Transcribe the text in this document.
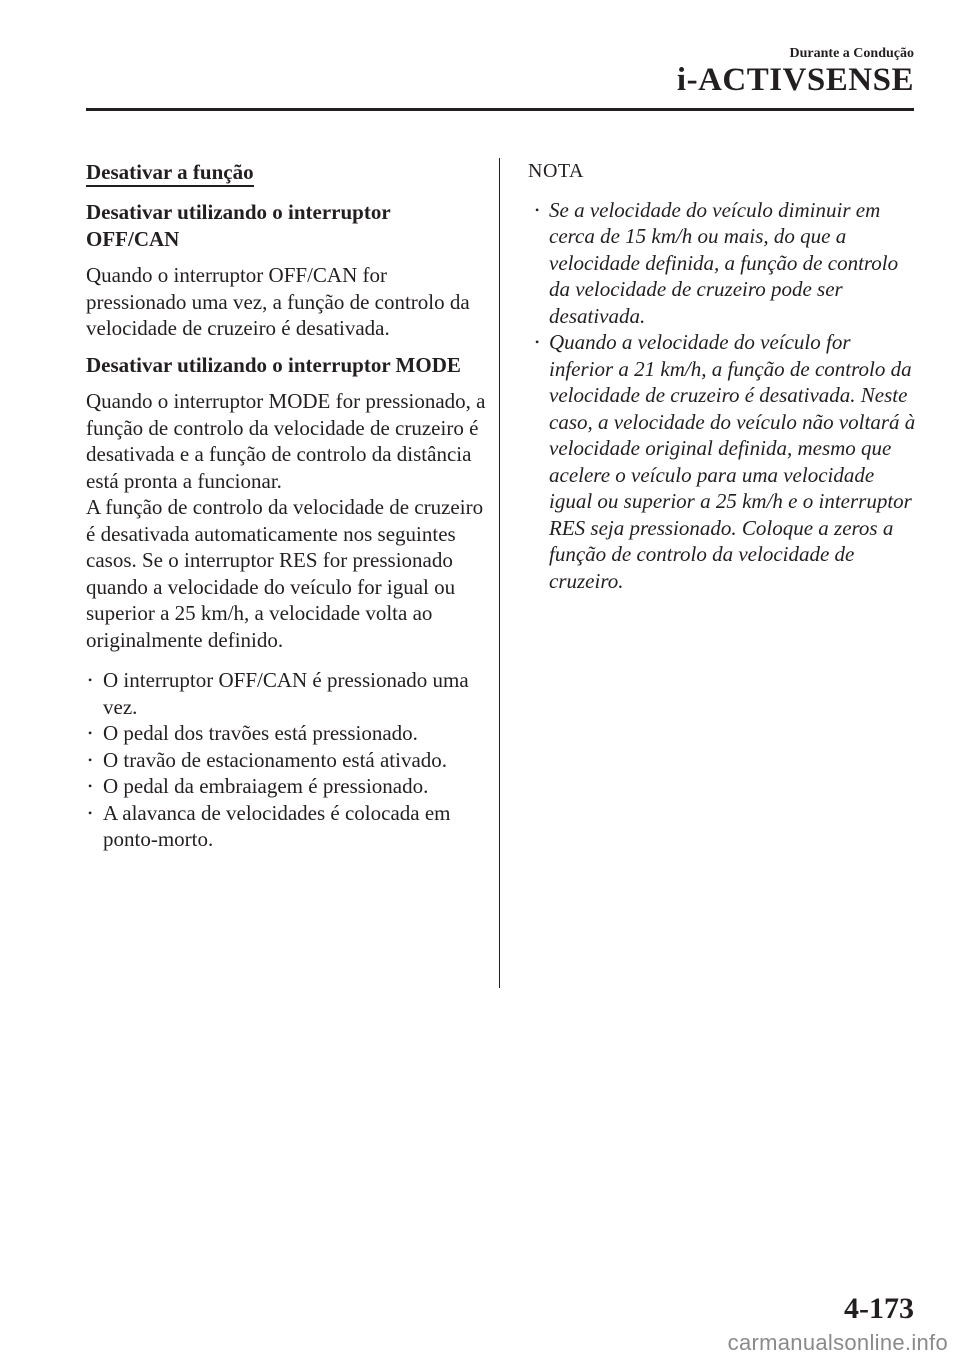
Durante a Condução
i-ACTIVSENSE
Desativar a função
Desativar utilizando o interruptor OFF/CAN

Quando o interruptor OFF/CAN for pressionado uma vez, a função de controlo da velocidade de cruzeiro é desativada.

Desativar utilizando o interruptor MODE

Quando o interruptor MODE for pressionado, a função de controlo da velocidade de cruzeiro é desativada e a função de controlo da distância está pronta a funcionar.

A função de controlo da velocidade de cruzeiro é desativada automaticamente nos seguintes casos. Se o interruptor RES for pressionado quando a velocidade do veículo for igual ou superior a 25 km/h, a velocidade volta ao originalmente definido.

• O interruptor OFF/CAN é pressionado uma vez.
• O pedal dos travões está pressionado.
• O travão de estacionamento está ativado.
• O pedal da embraiagem é pressionado.
• A alavanca de velocidades é colocada em ponto-morto.
NOTA
• Se a velocidade do veículo diminuir em cerca de 15 km/h ou mais, do que a velocidade definida, a função de controlo da velocidade de cruzeiro pode ser desativada.
• Quando a velocidade do veículo for inferior a 21 km/h, a função de controlo da velocidade de cruzeiro é desativada. Neste caso, a velocidade do veículo não voltará à velocidade original definida, mesmo que acelere o veículo para uma velocidade igual ou superior a 25 km/h e o interruptor RES seja pressionado. Coloque a zeros a função de controlo da velocidade de cruzeiro.
4-173
carmanualsonline.info
